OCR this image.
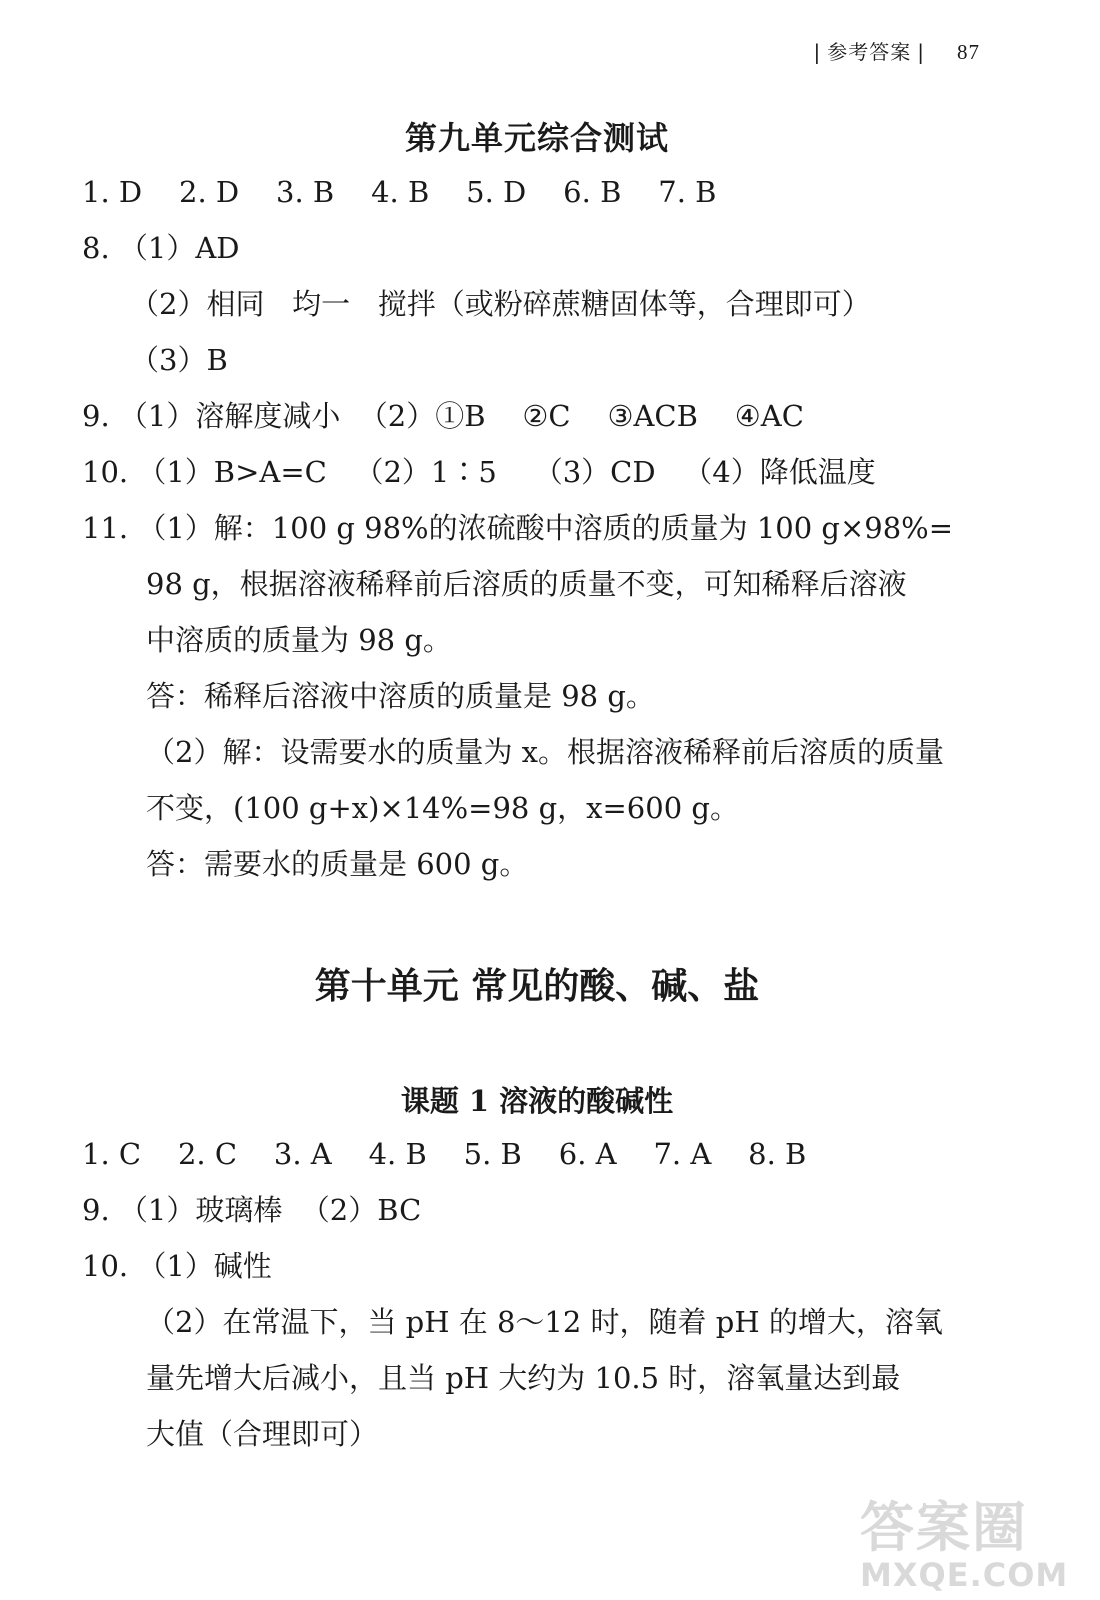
| 参考答案 | 87
第九单元综合测试
1. D    2. D    3. B    4. B    5. D    6. B    7. B
8. （1）AD
（2）相同   均一   搅拌（或粉碎蔗糖固体等，合理即可）
（3）B
9. （1）溶解度减小  （2）①B    ②C    ③ACB    ④AC
10. （1）B>A=C   （2）1∶5    （3）CD   （4）降低温度
11. （1）解：100 g 98%的浓硫酸中溶质的质量为 100 g×98%=
98 g，根据溶液稀释前后溶质的质量不变，可知稀释后溶液
中溶质的质量为 98 g。
答：稀释后溶液中溶质的质量是 98 g。
（2）解：设需要水的质量为 x。根据溶液稀释前后溶质的质量
不变，(100 g+x)×14%=98 g，x=600 g。
答：需要水的质量是 600 g。
第十单元 常见的酸、碱、盐
课题 1 溶液的酸碱性
1. C    2. C    3. A    4. B    5. B    6. A    7. A    8. B
9. （1）玻璃棒  （2）BC
10. （1）碱性
（2）在常温下，当 pH 在 8～12 时，随着 pH 的增大，溶氧
量先增大后减小，且当 pH 大约为 10.5 时，溶氧量达到最
大值（合理即可）
答案圈
MXQE.COM
